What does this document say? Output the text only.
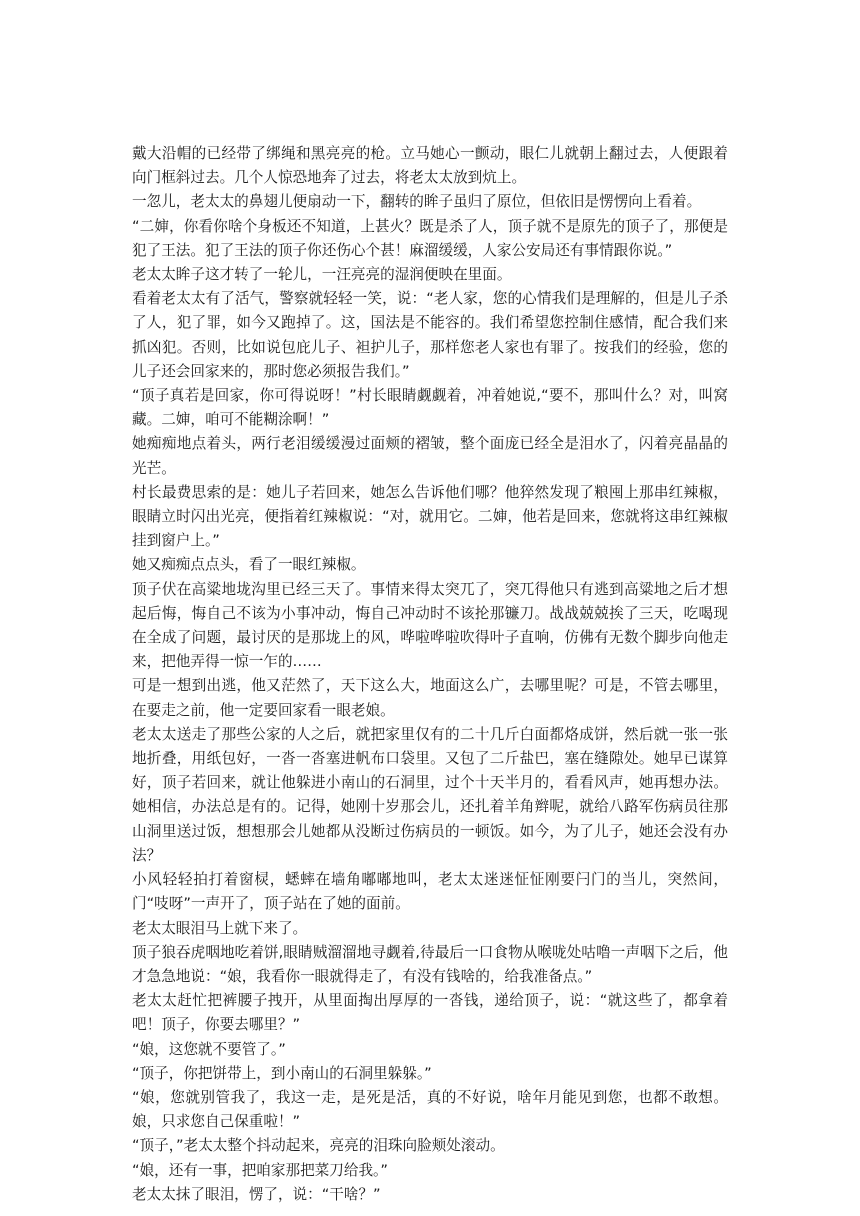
戴大沿帽的已经带了绑绳和黑亮亮的枪。立马她心一颤动，眼仁儿就朝上翻过去，人便跟着向门框斜过去。几个人惊恐地奔了过去，将老太太放到炕上。

一忽儿，老太太的鼻翅儿便扇动一下，翻转的眸子虽归了原位，但依旧是愣愣向上看着。

“二婶，你看你啥个身板还不知道，上甚火？既是杀了人，顶子就不是原先的顶子了，那便是犯了王法。犯了王法的顶子你还伤心个甚！麻溜缓缓，人家公安局还有事情跟你说。”

老太太眸子这才转了一轮儿，一汪亮亮的湿润便映在里面。

看着老太太有了活气，警察就轻轻一笑，说：“老人家，您的心情我们是理解的，但是儿子杀了人，犯了罪，如今又跑掉了。这，国法是不能容的。我们希望您控制住感情，配合我们来抓凶犯。否则，比如说包庇儿子、袒护儿子，那样您老人家也有罪了。按我们的经验，您的儿子还会回家来的，那时您必须报告我们。”

“顶子真若是回家，你可得说呀！”村长眼睛觑觑着，冲着她说,“要不，那叫什么？对，叫窝藏。二婶，咱可不能糊涂啊！”

她痴痴地点着头，两行老泪缓缓漫过面颊的褶皱，整个面庞已经全是泪水了，闪着亮晶晶的光芒。

村长最费思索的是：她儿子若回来，她怎么告诉他们哪？他猝然发现了粮囤上那串红辣椒，眼睛立时闪出光亮，便指着红辣椒说：“对，就用它。二婶，他若是回来，您就将这串红辣椒挂到窗户上。”

她又痴痴点点头，看了一眼红辣椒。

顶子伏在高粱地垅沟里已经三天了。事情来得太突兀了，突兀得他只有逃到高粱地之后才想起后悔，悔自己不该为小事冲动，悔自己冲动时不该抡那镰刀。战战兢兢挨了三天，吃喝现在全成了问题，最讨厌的是那垅上的风，哗啦哗啦吹得叶子直响，仿佛有无数个脚步向他走来，把他弄得一惊一乍的……

可是一想到出逃，他又茫然了，天下这么大，地面这么广，去哪里呢？可是，不管去哪里，在要走之前，他一定要回家看一眼老娘。

老太太送走了那些公家的人之后，就把家里仅有的二十几斤白面都烙成饼，然后就一张一张地折叠，用纸包好，一沓一沓塞进帆布口袋里。又包了二斤盐巴，塞在缝隙处。她早已谋算好，顶子若回来，就让他躲进小南山的石洞里，过个十天半月的，看看风声，她再想办法。她相信，办法总是有的。记得，她刚十岁那会儿，还扎着羊角辫呢，就给八路军伤病员往那山洞里送过饭，想想那会儿她都从没断过伤病员的一顿饭。如今，为了儿子，她还会没有办法？

小风轻轻拍打着窗棂，蟋蟀在墙角嘟嘟地叫，老太太迷迷怔怔刚要闩门的当儿，突然间，门“吱呀”一声开了，顶子站在了她的面前。

老太太眼泪马上就下来了。

顶子狼吞虎咽地吃着饼,眼睛贼溜溜地寻觑着,待最后一口食物从喉咙处咕噜一声咽下之后，他才急急地说：“娘，我看你一眼就得走了，有没有钱啥的，给我准备点。”

老太太赶忙把裤腰子拽开，从里面掏出厚厚的一沓钱，递给顶子，说：“就这些了，都拿着吧！顶子，你要去哪里？”

“娘，这您就不要管了。”

“顶子，你把饼带上，到小南山的石洞里躲躲。”

“娘，您就别管我了，我这一走，是死是活，真的不好说，啥年月能见到您，也都不敢想。娘，只求您自己保重啦！”

“顶子，”老太太整个抖动起来，亮亮的泪珠向脸颊处滚动。

“娘，还有一事，把咱家那把菜刀给我。”

老太太抹了眼泪，愣了，说：“干啥？”
